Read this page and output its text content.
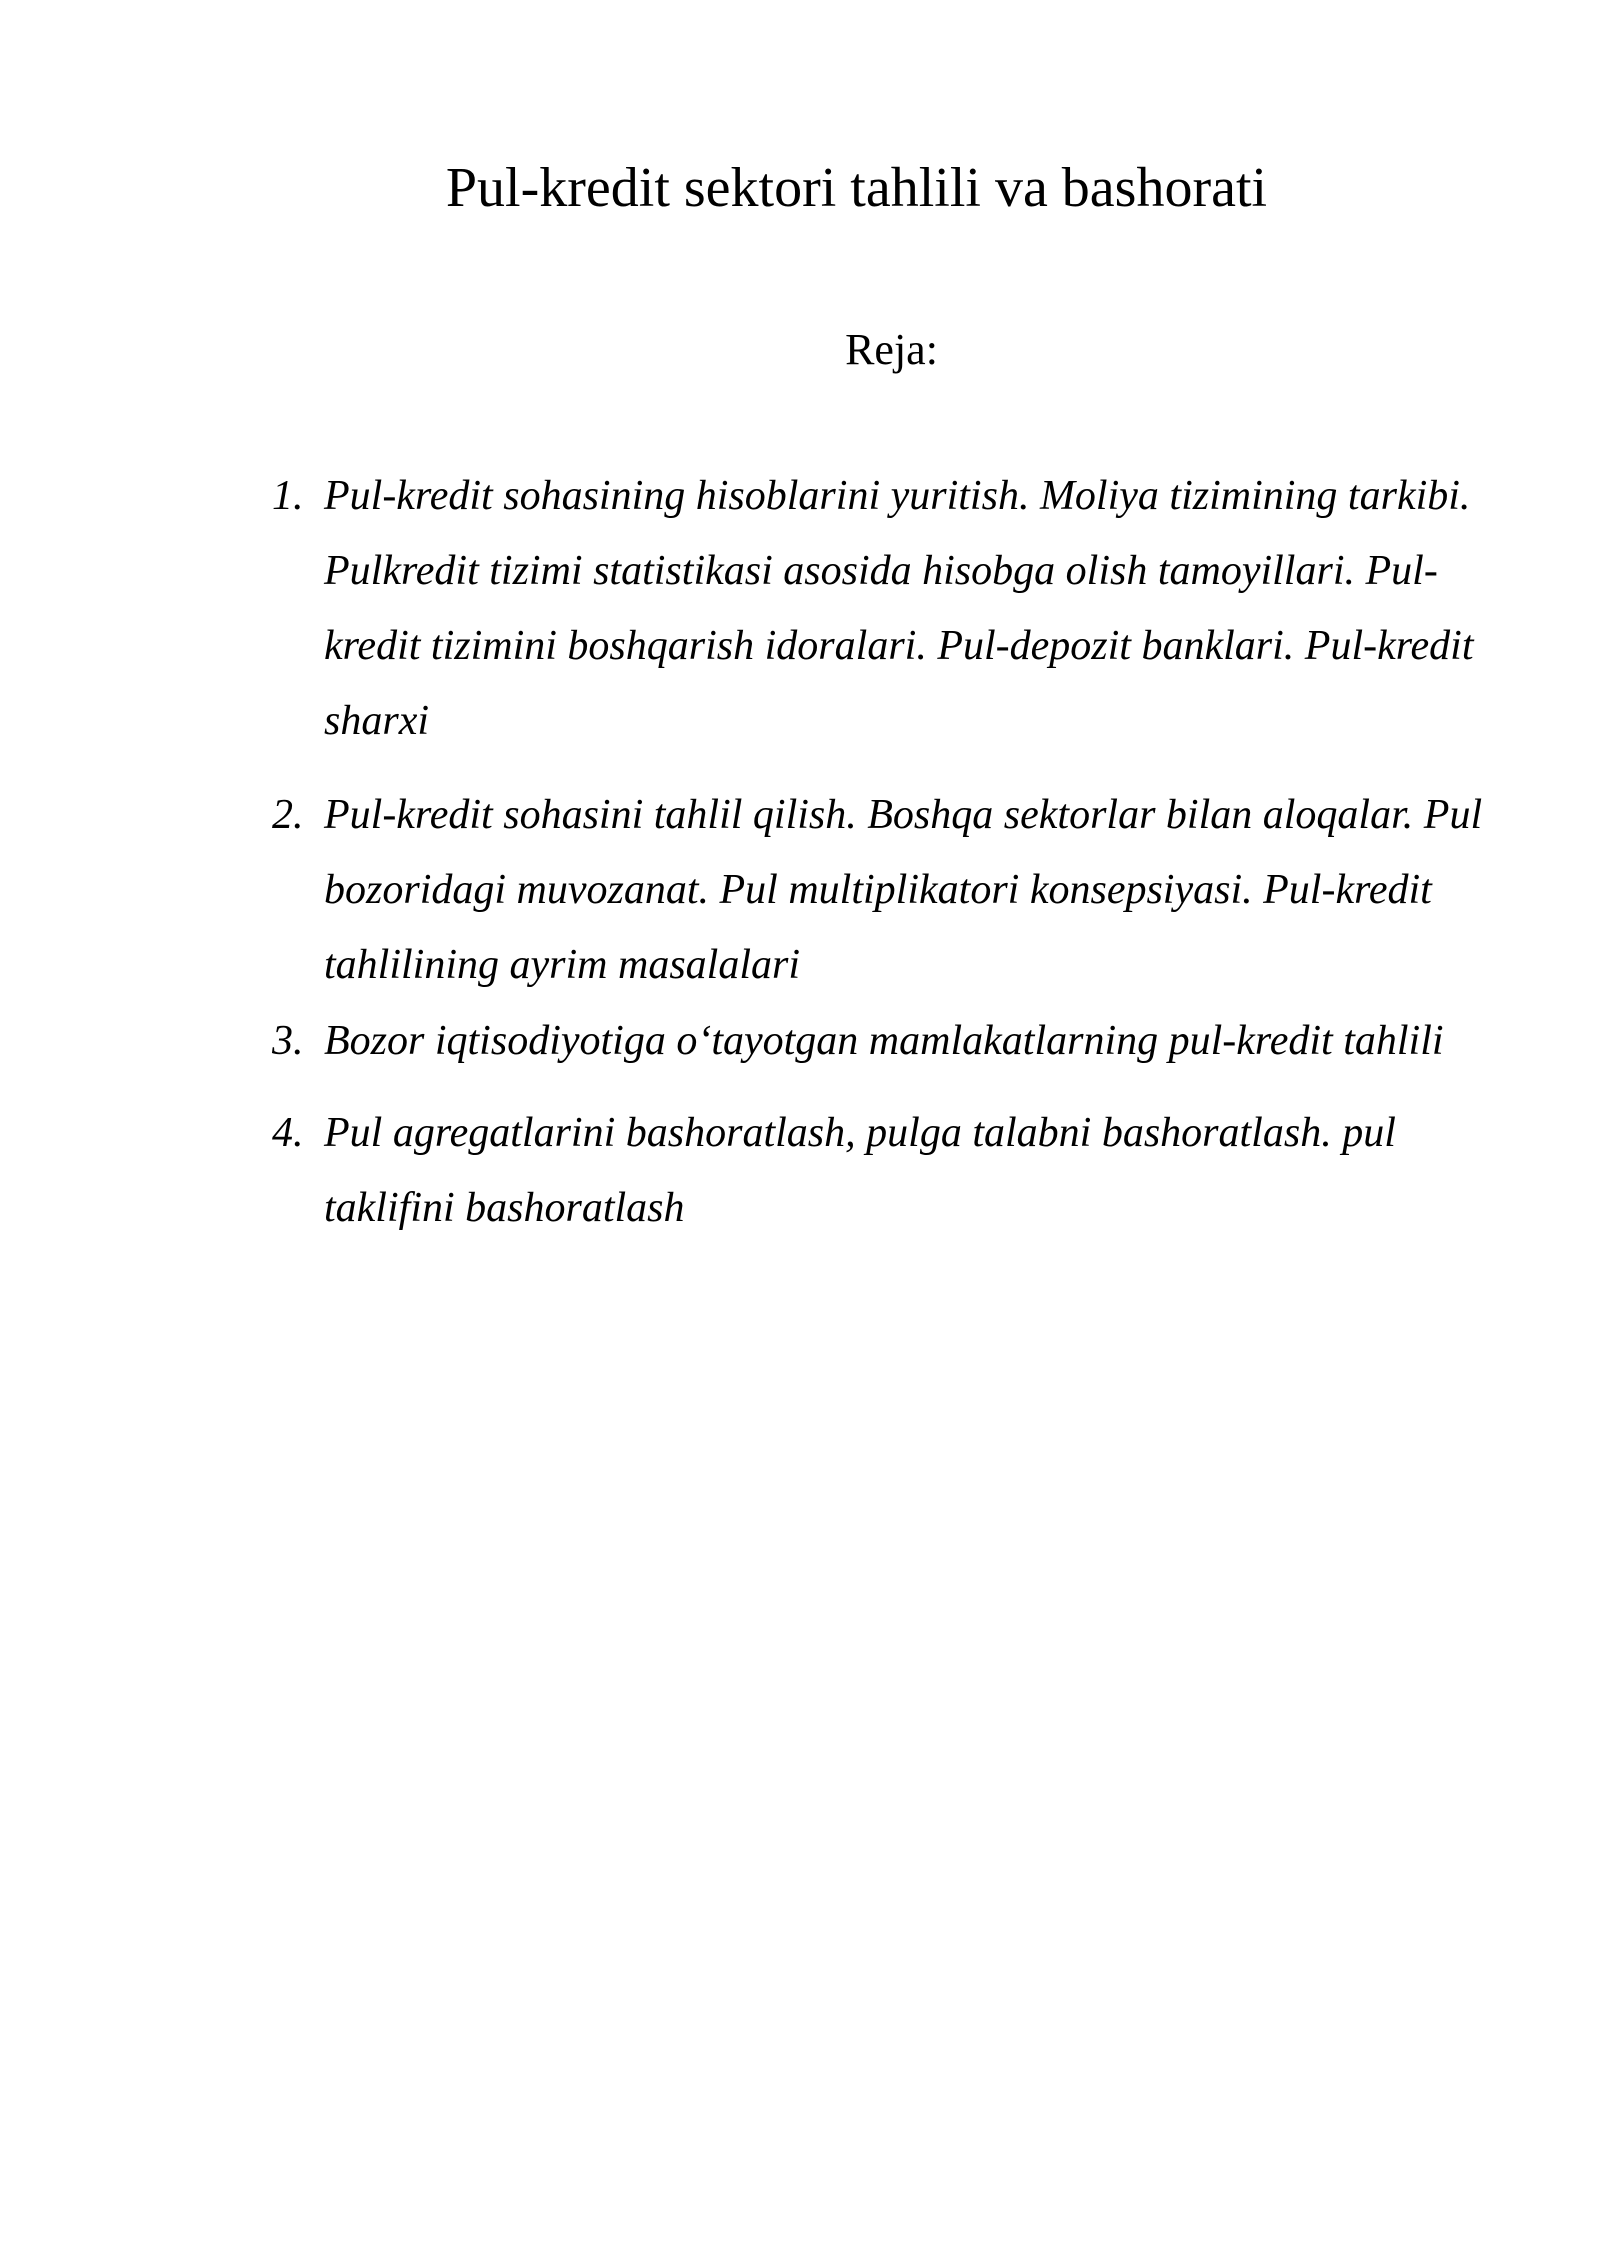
Pul-kredit sektori tahlili va bashorati
Reja:
1. Pul-kredit sohasining hisoblarini yuritish. Moliya tizimining tarkibi. Pulkredit tizimi statistikasi asosida hisobga olish tamoyillari. Pul-kredit tizimini boshqarish idoralari. Pul-depozit banklari. Pul-kredit sharxi
2. Pul-kredit sohasini tahlil qilish. Boshqa sektorlar bilan aloqalar. Pul bozoridagi muvozanat. Pul multiplikatori konsepsiyasi. Pul-kredit tahlilining ayrim masalalari
3. Bozor iqtisodiyotiga o‘tayotgan mamlakatlarning pul-kredit tahlili
4. Pul agregatlarini bashoratlash, pulga talabni bashoratlash. pul taklifini bashoratlash
